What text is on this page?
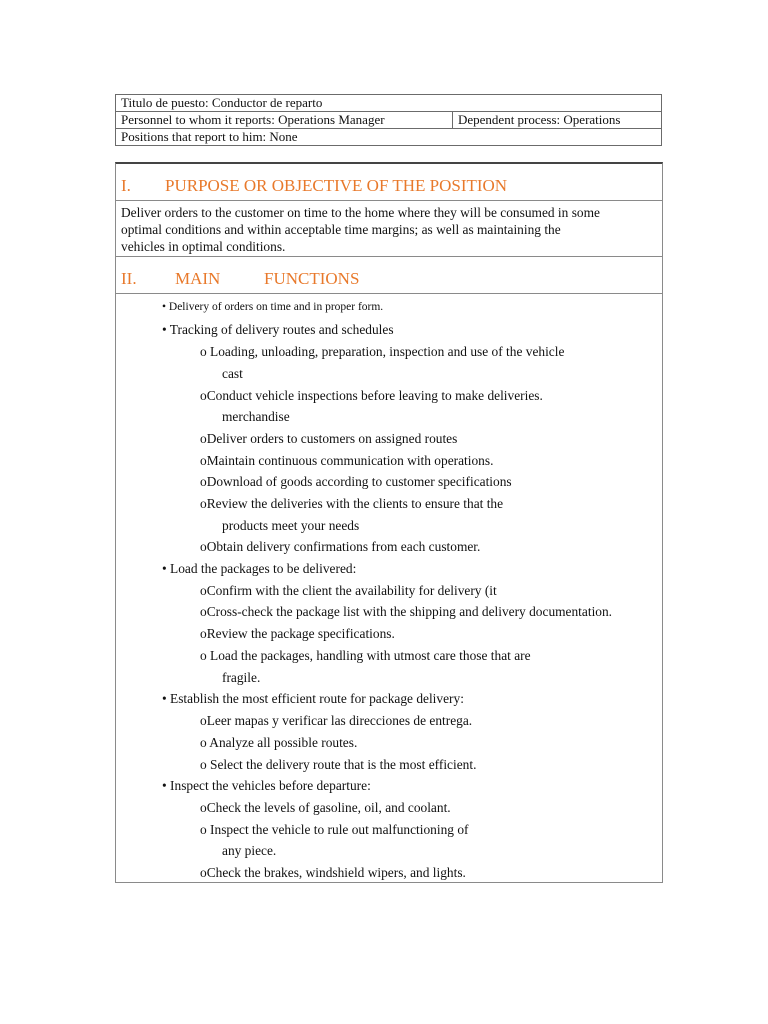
Titulo de puesto: Conductor de reparto
Personnel to whom it reports: Operations Manager	Dependent process: Operations
Positions that report to him: None
I. PURPOSE OR OBJECTIVE OF THE POSITION
Deliver orders to the customer on time to the home where they will be consumed in some
optimal conditions and within acceptable time margins; as well as maintaining the
vehicles in optimal conditions.
II. MAIN	FUNCTIONS
• Delivery of orders on time and in proper form.
• Tracking of delivery routes and schedules
o Loading, unloading, preparation, inspection and use of the vehicle
cast
oConduct vehicle inspections before leaving to make deliveries.
merchandise
oDeliver orders to customers on assigned routes
oMaintain continuous communication with operations.
oDownload of goods according to customer specifications
oReview the deliveries with the clients to ensure that the
products meet your needs
oObtain delivery confirmations from each customer.
• Load the packages to be delivered:
oConfirm with the client the availability for delivery (it
oCross-check the package list with the shipping and delivery documentation.
oReview the package specifications.
o Load the packages, handling with utmost care those that are
fragile.
• Establish the most efficient route for package delivery:
oLeer mapas y verificar las direcciones de entrega.
o Analyze all possible routes.
o Select the delivery route that is the most efficient.
• Inspect the vehicles before departure:
oCheck the levels of gasoline, oil, and coolant.
o Inspect the vehicle to rule out malfunctioning of
any piece.
oCheck the brakes, windshield wipers, and lights.
